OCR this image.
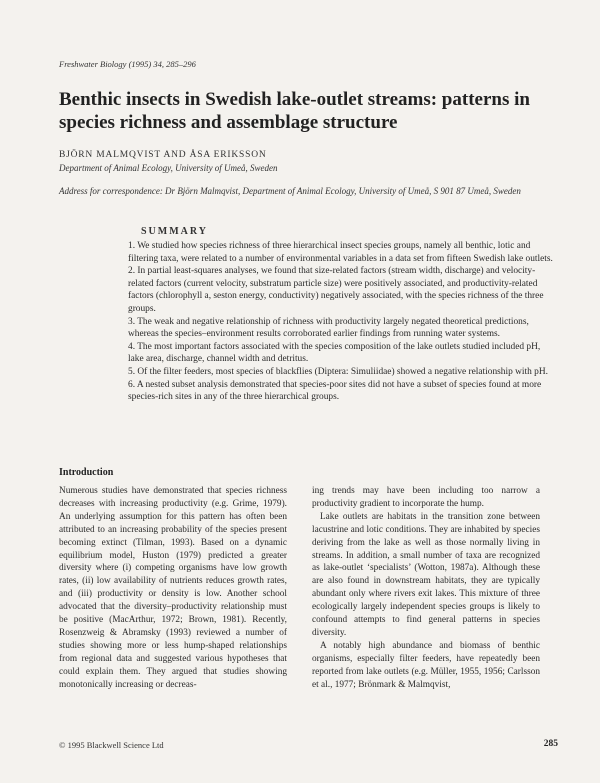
Freshwater Biology (1995) 34, 285–296
Benthic insects in Swedish lake-outlet streams: patterns in species richness and assemblage structure
BJÖRN MALMQVIST AND ÅSA ERIKSSON
Department of Animal Ecology, University of Umeå, Sweden
Address for correspondence: Dr Björn Malmqvist, Department of Animal Ecology, University of Umeå, S 901 87 Umeå, Sweden
SUMMARY

1. We studied how species richness of three hierarchical insect species groups, namely all benthic, lotic and filtering taxa, were related to a number of environmental variables in a data set from fifteen Swedish lake outlets.

2. In partial least-squares analyses, we found that size-related factors (stream width, discharge) and velocity-related factors (current velocity, substratum particle size) were positively associated, and productivity-related factors (chlorophyll a, seston energy, conductivity) negatively associated, with the species richness of the three groups.

3. The weak and negative relationship of richness with productivity largely negated theoretical predictions, whereas the species–environment results corroborated earlier findings from running water systems.

4. The most important factors associated with the species composition of the lake outlets studied included pH, lake area, discharge, channel width and detritus.

5. Of the filter feeders, most species of blackflies (Diptera: Simuliidae) showed a negative relationship with pH.

6. A nested subset analysis demonstrated that species-poor sites did not have a subset of species found at more species-rich sites in any of the three hierarchical groups.

Introduction

Numerous studies have demonstrated that species richness decreases with increasing productivity (e.g. Grime, 1979). An underlying assumption for this pattern has often been attributed to an increasing probability of the species present becoming extinct (Tilman, 1993). Based on a dynamic equilibrium model, Huston (1979) predicted a greater diversity where (i) competing organisms have low growth rates, (ii) low availability of nutrients reduces growth rates, and (iii) productivity or density is low. Another school advocated that the diversity–productivity relationship must be positive (MacArthur, 1972; Brown, 1981). Recently, Rosenzweig & Abramsky (1993) reviewed a number of studies showing more or less hump-shaped relationships from regional data and suggested various hypotheses that could explain them. They argued that studies showing monotonically increasing or decreas-

ing trends may have been including too narrow a productivity gradient to incorporate the hump.

Lake outlets are habitats in the transition zone between lacustrine and lotic conditions. They are inhabited by species deriving from the lake as well as those normally living in streams. In addition, a small number of taxa are recognized as lake-outlet ‘specialists’ (Wotton, 1987a). Although these are also found in downstream habitats, they are typically abundant only where rivers exit lakes. This mixture of three ecologically largely independent species groups is likely to confound attempts to find general patterns in species diversity.

A notably high abundance and biomass of benthic organisms, especially filter feeders, have repeatedly been reported from lake outlets (e.g. Müller, 1955, 1956; Carlsson et al., 1977; Brönmark & Malmqvist,

© 1995 Blackwell Science Ltd	285
